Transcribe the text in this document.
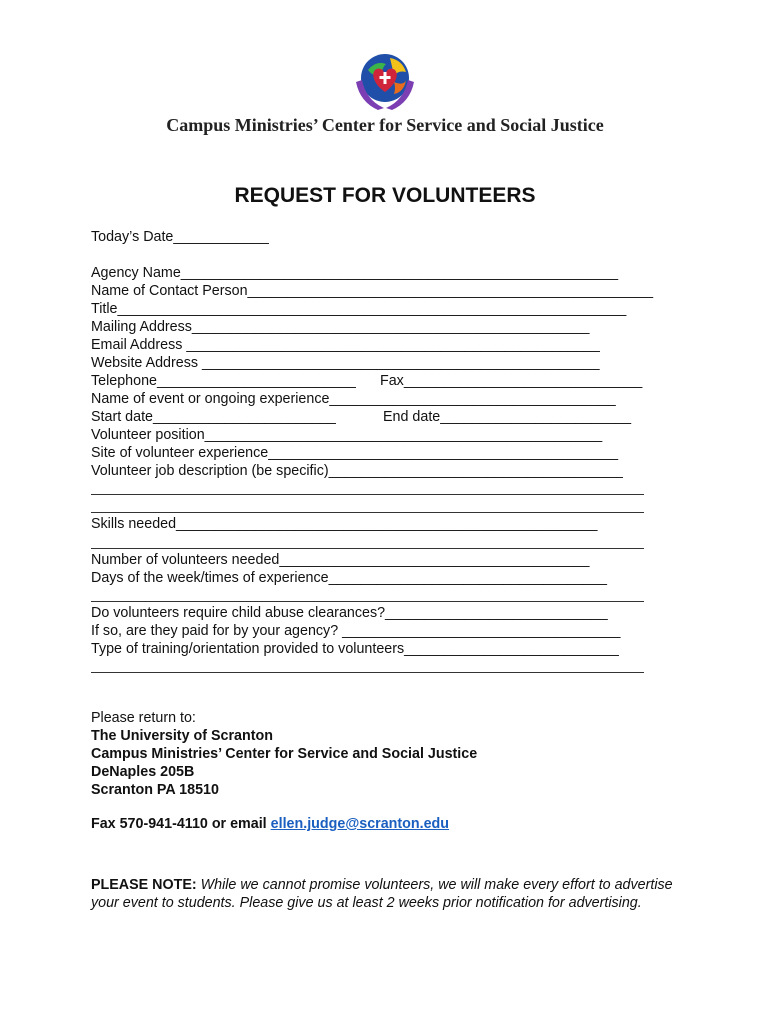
Campus Ministries’ Center for Service and Social Justice
REQUEST FOR VOLUNTEERS
Today’s Date____________
Agency Name_______________________________________________________
Name of Contact Person___________________________________________________
Title________________________________________________________________
Mailing Address__________________________________________________
Email Address ____________________________________________________
Website Address __________________________________________________
Telephone_________________________ Fax______________________________
Name of event or ongoing experience____________________________________
Start date_______________________	End date________________________
Volunteer position__________________________________________________
Site of volunteer experience____________________________________________
Volunteer job description (be specific)_____________________________________
Skills needed_____________________________________________________
Number of volunteers needed_______________________________________
Days of the week/times of experience___________________________________
Do volunteers require child abuse clearances?____________________________
If so, are they paid for by your agency? ___________________________________
Type of training/orientation provided to volunteers___________________________
Please return to:
The University of Scranton
Campus Ministries’ Center for Service and Social Justice
DeNaples 205B
Scranton PA 18510
Fax 570-941-4110 or email ellen.judge@scranton.edu
PLEASE NOTE: While we cannot promise volunteers, we will make every effort to advertise your event to students. Please give us at least 2 weeks prior notification for advertising.
